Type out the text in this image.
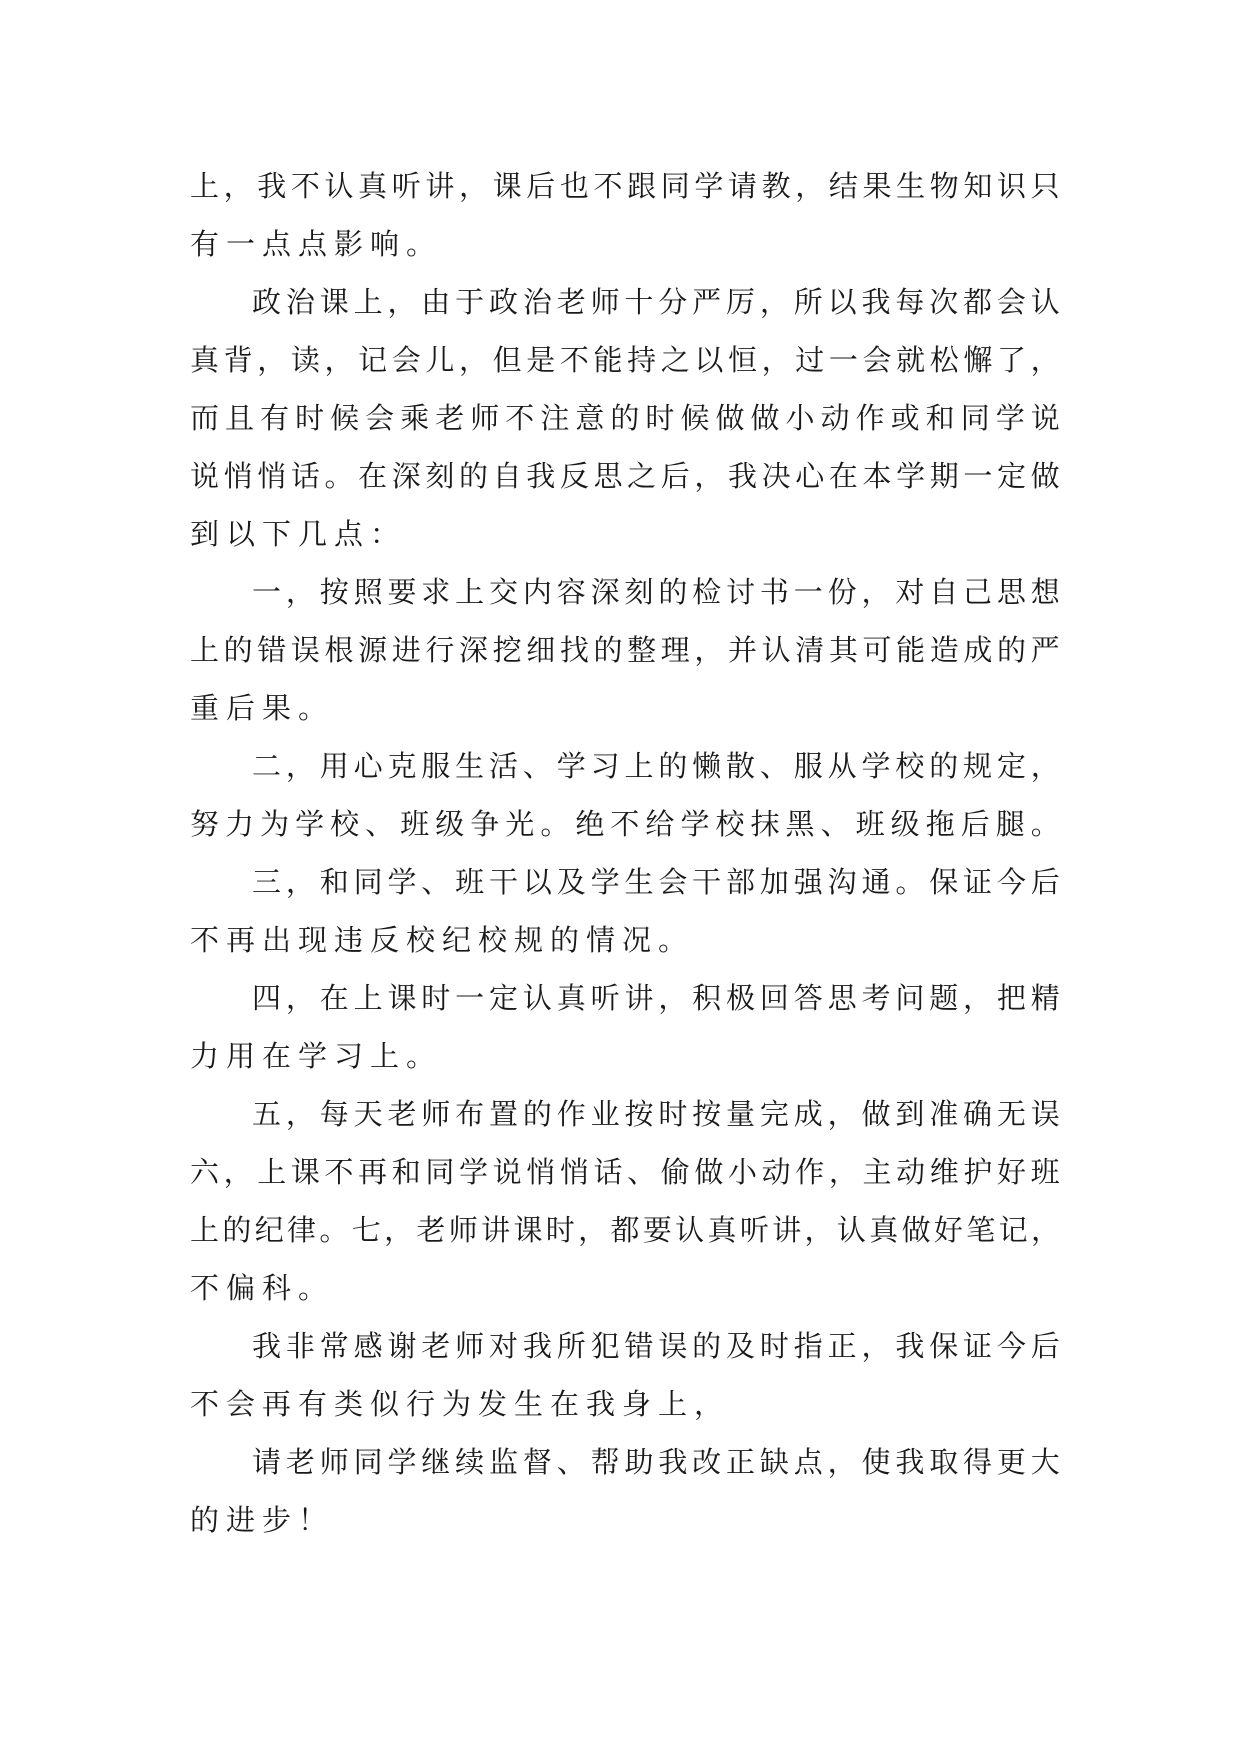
上 ， 我 不 认 真 听 讲 ， 课 后 也 不 跟 同 学 请 教 ， 结 果 生 物 知 识 只
有一点点影响。
政 治 课 上 ， 由 于 政 治 老 师 十 分 严 厉 ， 所 以 我 每 次 都 会 认
真 背 ， 读 ， 记 会 儿 ， 但 是 不 能 持 之 以 恒 ， 过 一 会 就 松 懈 了 ，
而 且 有 时 候 会 乘 老 师 不 注 意 的 时 候 做 做 小 动 作 或 和 同 学 说
说 悄 悄 话 。 在 深 刻 的 自 我 反 思 之 后 ， 我 决 心 在 本 学 期 一 定 做
到以下几点：
一 ， 按 照 要 求 上 交 内 容 深 刻 的 检 讨 书 一 份 ， 对 自 己 思 想
上 的 错 误 根 源 进 行 深 挖 细 找 的 整 理 ， 并 认 清 其 可 能 造 成 的 严
重后果。
二 ， 用 心 克 服 生 活 、 学 习 上 的 懒 散 、 服 从 学 校 的 规 定 ，
努 力 为 学 校 、 班 级 争 光 。 绝 不 给 学 校 抹 黑 、 班 级 拖 后 腿 。
三 ， 和 同 学 、 班 干 以 及 学 生 会 干 部 加 强 沟 通 。 保 证 今 后
不再出现违反校纪校规的情况。
四 ， 在 上 课 时 一 定 认 真 听 讲 ， 积 极 回 答 思 考 问 题 ， 把 精
力用在学习上。
五 ， 每 天 老 师 布 置 的 作 业 按 时 按 量 完 成 ， 做 到 准 确 无 误
六 ， 上 课 不 再 和 同 学 说 悄 悄 话 、 偷 做 小 动 作 ， 主 动 维 护 好 班
上 的 纪 律 。 七 ， 老 师 讲 课 时 ， 都 要 认 真 听 讲 ， 认 真 做 好 笔 记 ，
不偏科。
我 非 常 感 谢 老 师 对 我 所 犯 错 误 的 及 时 指 正 ， 我 保 证 今 后
不会再有类似行为发生在我身上，
请 老 师 同 学 继 续 监 督 、 帮 助 我 改 正 缺 点 ， 使 我 取 得 更 大
的进步！
